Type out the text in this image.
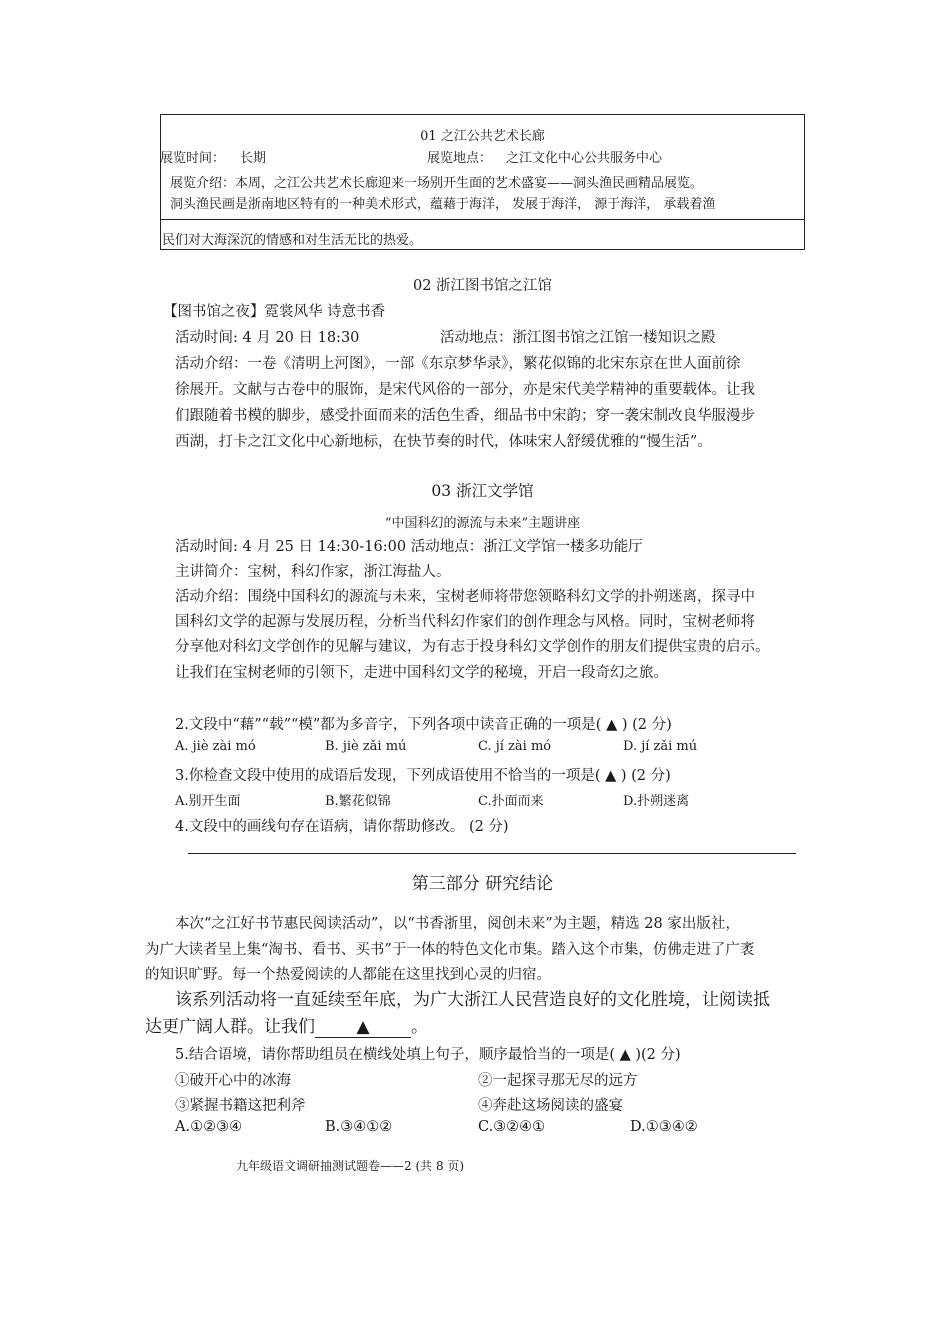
01 之江公共艺术长廊
展览时间： 长期	展览地点： 之江文化中心公共服务中心
展览介绍：本周，之江公共艺术长廊迎来一场别开生面的艺术盛宴——洞头渔民画精品展览。
洞头渔民画是浙南地区特有的一种美术形式，蕴藉于海洋， 发展于海洋， 源于海洋， 承载着渔
民们对大海深沉的情感和对生活无比的热爱。
02 浙江图书馆之江馆
【图书馆之夜】霓裳风华 诗意书香
活动时间: 4 月 20 日 18:30	活动地点：浙江图书馆之江馆一楼知识之殿
活动介绍：一卷《清明上河图》，一部《东京梦华录》，繁花似锦的北宋东京在世人面前徐
徐展开。文献与古卷中的服饰，是宋代风俗的一部分，亦是宋代美学精神的重要载体。让我
们跟随着书模的脚步，感受扑面而来的活色生香，细品书中宋韵；穿一袭宋制改良华服漫步
西湖，打卡之江文化中心新地标，在快节奏的时代，体味宋人舒缓优雅的“慢生活”。
03 浙江文学馆
“中国科幻的源流与未来”主题讲座
活动时间: 4 月 25 日 14:30-16:00 活动地点：浙江文学馆一楼多功能厅
主讲简介：宝树，科幻作家，浙江海盐人。
活动介绍：围绕中国科幻的源流与未来，宝树老师将带您领略科幻文学的扑朔迷离，探寻中
国科幻文学的起源与发展历程，分析当代科幻作家们的创作理念与风格。同时，宝树老师将
分享他对科幻文学创作的见解与建议，为有志于投身科幻文学创作的朋友们提供宝贵的启示。
让我们在宝树老师的引领下，走进中国科幻文学的秘境，开启一段奇幻之旅。
2.文段中“藉”“载”“模”都为多音字，下列各项中读音正确的一项是( ▲ ) (2 分)
A. jiè zài mó	B. jiè zǎi mú	C. jí zài mó	D. jí zǎi mú
3.你检查文段中使用的成语后发现，下列成语使用不恰当的一项是( ▲ ) (2 分)
A.别开生面	B.繁花似锦	C.扑面而来	D.扑朔迷离
4.文段中的画线句存在语病，请你帮助修改。 (2 分)
第三部分 研究结论
本次“之江好书节惠民阅读活动”，以“书香浙里，阅创未来”为主题，精选 28 家出版社，
为广大读者呈上集“淘书、看书、买书”于一体的特色文化市集。踏入这个市集，仿佛走进了广袤
的知识旷野。每一个热爱阅读的人都能在这里找到心灵的归宿。
该系列活动将一直延续至年底，为广大浙江人民营造良好的文化胜境，让阅读抵
达更广阔人群。让我们 ▲ 。
5.结合语境，请你帮助组员在横线处填上句子，顺序最恰当的一项是( ▲ )(2 分)
①破开心中的冰海	②一起探寻那无尽的远方
③紧握书籍这把利斧	④奔赴这场阅读的盛宴
A.①②③④	B.③④①②	C.③②④①	D.①③④②
九年级语文调研抽测试题卷——2 (共 8 页)
